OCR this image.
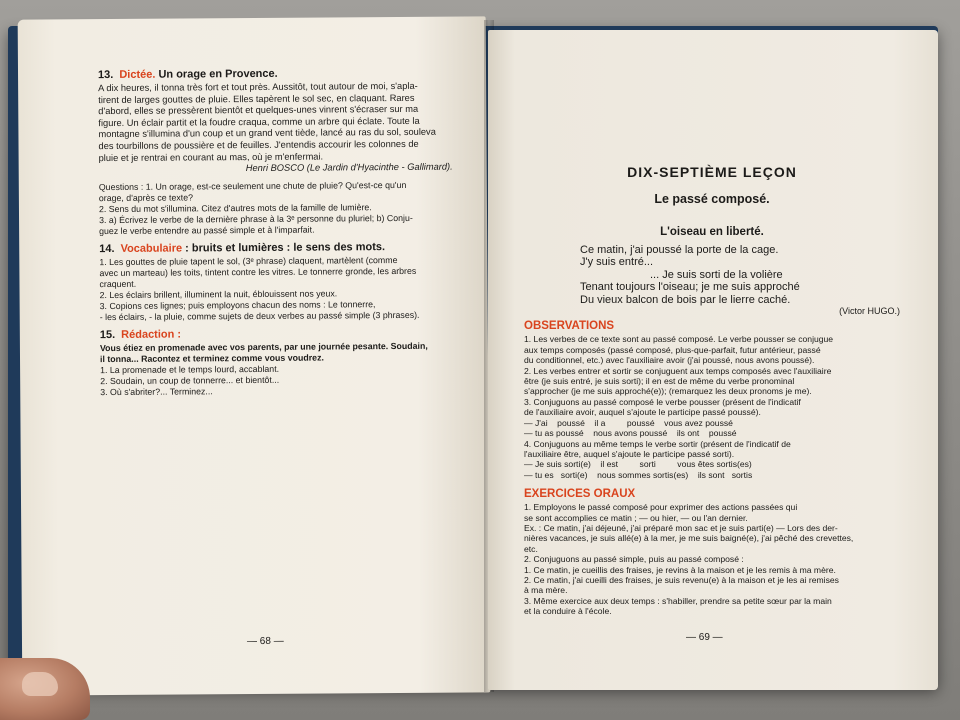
13. Dictée. Un orage en Provence.

A dix heures, il tonna très fort et tout près. Aussitôt, tout autour de moi, s'apla-

tirent de larges gouttes de pluie. Elles tapèrent le sol sec, en claquant. Rares

d'abord, elles se pressèrent bientôt et quelques-unes vinrent s'écraser sur ma

figure. Un éclair partit et la foudre craqua, comme un arbre qui éclate. Toute la

montagne s'illumina d'un coup et un grand vent tiède, lancé au ras du sol, souleva

des tourbillons de poussière et de feuilles. J'entendis accourir les colonnes de

pluie et je rentrai en courant au mas, où je m'enfermai.

Henri BOSCO (Le Jardin d'Hyacinthe - Gallimard).

Questions : 1. Un orage, est-ce seulement une chute de pluie? Qu'est-ce qu'un

orage, d'après ce texte?

2. Sens du mot s'illumina. Citez d'autres mots de la famille de lumière.

3. a) Écrivez le verbe de la dernière phrase à la 3ᵉ personne du pluriel; b) Conju-

guez le verbe entendre au passé simple et à l'imparfait.

14. Vocabulaire : bruits et lumières : le sens des mots.

1. Les gouttes de pluie tapent le sol, (3ᵉ phrase) claquent, martèlent (comme

avec un marteau) les toits, tintent contre les vitres. Le tonnerre gronde, les arbres

craquent.

2. Les éclairs brillent, illuminent la nuit, éblouissent nos yeux.

3. Copions ces lignes; puis employons chacun des noms : Le tonnerre,

- les éclairs, - la pluie, comme sujets de deux verbes au passé simple (3 phrases).

15. Rédaction :

Vous étiez en promenade avec vos parents, par une journée pesante. Soudain,

il tonna... Racontez et terminez comme vous voudrez.

1. La promenade et le temps lourd, accablant.

2. Soudain, un coup de tonnerre... et bientôt...

3. Où s'abriter?... Terminez...

— 68 —

DIX-SEPTIÈME LEÇON

Le passé composé.

L'oiseau en liberté.

Ce matin, j'ai poussé la porte de la cage.

J'y suis entré...

... Je suis sorti de la volière

Tenant toujours l'oiseau; je me suis approché

Du vieux balcon de bois par le lierre caché.

(Victor HUGO.)

OBSERVATIONS

1. Les verbes de ce texte sont au passé composé. Le verbe pousser se conjugue

aux temps composés (passé composé, plus-que-parfait, futur antérieur, passé

du conditionnel, etc.) avec l'auxiliaire avoir (j'ai poussé, nous avons poussé).

2. Les verbes entrer et sortir se conjuguent aux temps composés avec l'auxiliaire

être (je suis entré, je suis sorti); il en est de même du verbe pronominal

s'approcher (je me suis approché(e)); (remarquez les deux pronoms je me).

3. Conjuguons au passé composé le verbe pousser (présent de l'indicatif

de l'auxiliaire avoir, auquel s'ajoute le participe passé poussé).

— J'ai    poussé    il a         poussé    vous avez poussé

— tu as poussé    nous avons poussé    ils ont    poussé

4. Conjuguons au même temps le verbe sortir (présent de l'indicatif de

l'auxiliaire être, auquel s'ajoute le participe passé sorti).

— Je suis sorti(e)    il est         sorti         vous êtes sortis(es)

— tu es   sorti(e)    nous sommes sortis(es)    ils sont   sortis

EXERCICES ORAUX

1. Employons le passé composé pour exprimer des actions passées qui

se sont accomplies ce matin ; — ou hier, — ou l'an dernier.

Ex. : Ce matin, j'ai déjeuné, j'ai préparé mon sac et je suis parti(e) — Lors des der-

nières vacances, je suis allé(e) à la mer, je me suis baigné(e), j'ai pêché des crevettes,

etc.

2. Conjuguons au passé simple, puis au passé composé :

1. Ce matin, je cueillis des fraises, je revins à la maison et je les remis à ma mère.

2. Ce matin, j'ai cueilli des fraises, je suis revenu(e) à la maison et je les ai remises

à ma mère.

3. Même exercice aux deux temps : s'habiller, prendre sa petite sœur par la main

et la conduire à l'école.

— 69 —
